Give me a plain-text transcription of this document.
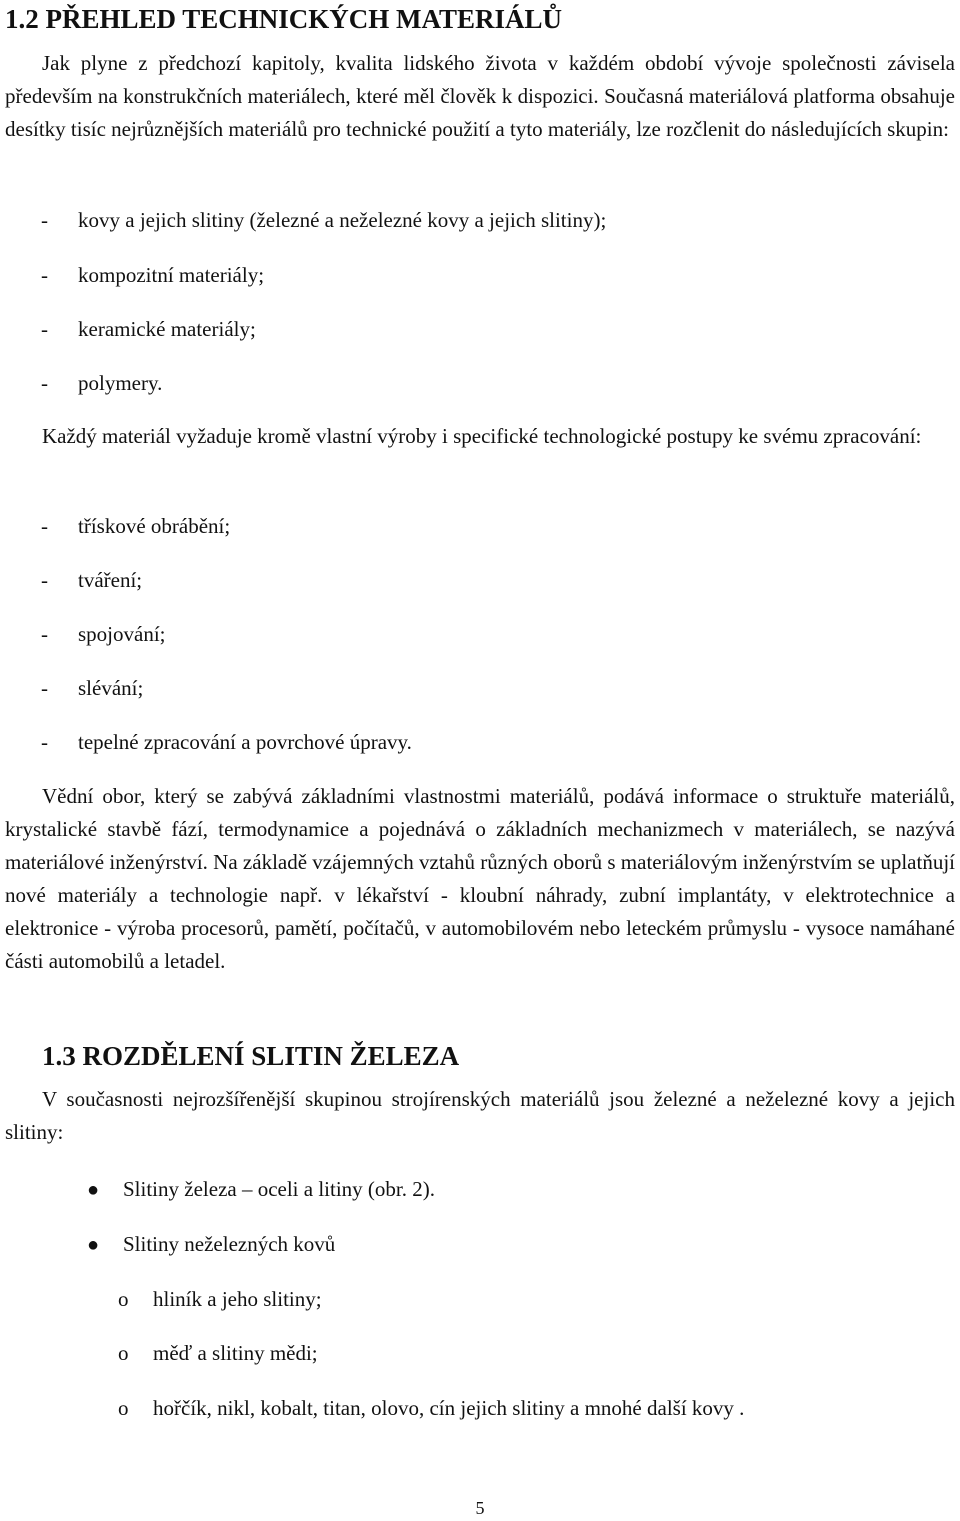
1.2 PŘEHLED TECHNICKÝCH MATERIÁLŮ

Jak plyne z předchozí kapitoly, kvalita lidského života v každém období vývoje společnosti závisela především na konstrukčních materiálech, které měl člověk k dispozici. Současná materiálová platforma obsahuje desítky tisíc nejrůznějších materiálů pro technické použití a tyto materiály, lze rozčlenit do následujících skupin:

- kovy a jejich slitiny (železné a neželezné kovy a jejich slitiny);
- kompozitní materiály;
- keramické materiály;
- polymery.

Každý materiál vyžaduje kromě vlastní výroby i specifické technologické postupy ke svému zpracování:

- třískové obrábění;
- tváření;
- spojování;
- slévání;
- tepelné zpracování a povrchové úpravy.

Vědní obor, který se zabývá základními vlastnostmi materiálů, podává informace o struktuře materiálů, krystalické stavbě fází, termodynamice a pojednává o základních mechanizmech v materiálech, se nazývá materiálové inženýrství. Na základě vzájemných vztahů různých oborů s materiálovým inženýrstvím se uplatňují nové materiály a technologie např. v lékařství - kloubní náhrady, zubní implantáty, v elektrotechnice a elektronice - výroba procesorů, pamětí, počítačů, v automobilovém nebo leteckém průmyslu - vysoce namáhané části automobilů a letadel.

1.3 ROZDĚLENÍ SLITIN ŽELEZA

V současnosti nejrozšířenější skupinou strojírenských materiálů jsou železné a neželezné kovy a jejich slitiny:

● Slitiny železa – oceli a litiny (obr. 2).
● Slitiny neželezných kovů
o hliník a jeho slitiny;
o měď a slitiny mědi;
o hořčík, nikl, kobalt, titan, olovo, cín jejich slitiny a mnohé další kovy .
5
